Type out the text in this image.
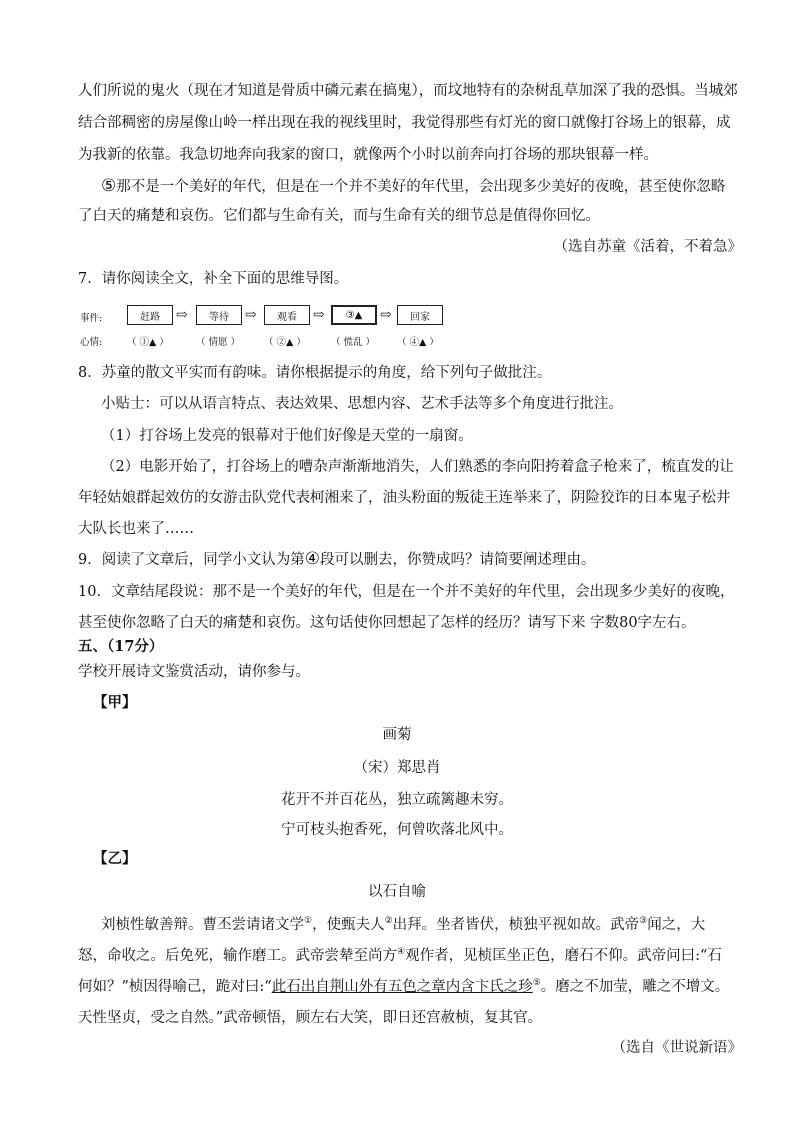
人们所说的鬼火（现在才知道是骨质中磷元素在搞鬼），而坟地特有的杂树乱草加深了我的恐惧。当城郊
结合部稠密的房屋像山岭一样出现在我的视线里时，我觉得那些有灯光的窗口就像打谷场上的银幕，成
为我新的依靠。我急切地奔向我家的窗口，就像两个小时以前奔向打谷场的那块银幕一样。
⑤那不是一个美好的年代，但是在一个并不美好的年代里，会出现多少美好的夜晚，甚至使你忽略
了白天的痛楚和哀伤。它们都与生命有关，而与生命有关的细节总是值得你回忆。
（选自苏童《活着，不着急》
7．请你阅读全文，补全下面的思维导图。
事件:
心情:
赶路	⇨	等待	⇨	观看	⇨	③▲	⇨	回家
（ ①▲ ）	（ 情愿 ）	（ ②▲ ）	（ 慌乱 ） （ ④▲ ）
8．苏童的散文平实而有韵味。请你根据提示的角度，给下列句子做批注。
小贴士：可以从语言特点、表达效果、思想内容、艺术手法等多个角度进行批注。
（1）打谷场上发亮的银幕对于他们好像是天堂的一扇窗。
（2）电影开始了，打谷场上的嘈杂声渐渐地消失，人们熟悉的李向阳挎着盒子枪来了，梳直发的让
年轻姑娘群起效仿的女游击队党代表柯湘来了，油头粉面的叛徒王连举来了，阴险狡诈的日本鬼子松井
大队长也来了……
9．阅读了文章后，同学小文认为第④段可以删去，你赞成吗？请简要阐述理由。
10．文章结尾段说：那不是一个美好的年代，但是在一个并不美好的年代里，会出现多少美好的夜晚，
甚至使你忽略了白天的痛楚和哀伤。这句话使你回想起了怎样的经历？请写下来 字数80字左右。
五、（17分）
学校开展诗文鉴赏活动，请你参与。
【甲】
画菊
（宋）郑思肖
花开不并百花丛，独立疏篱趣未穷。
宁可枝头抱香死，何曾吹落北风中。
【乙】
以石自喻
刘桢性敏善辩。曹丕尝请诸文学①，使甄夫人②出拜。坐者皆伏，桢独平视如故。武帝③闻之，大
怒，命收之。后免死，输作磨工。武帝尝辇至尚方④观作者，见桢匡坐正色，磨石不仰。武帝问曰:“石
何如？”桢因得喻己，跪对曰:“此石出自荆山外有五色之章内含卞氏之珍⑤。磨之不加莹，雕之不增文。
天性坚贞，受之自然。”武帝顿悟，顾左右大笑，即日还宫赦桢，复其官。
（选自《世说新语》
